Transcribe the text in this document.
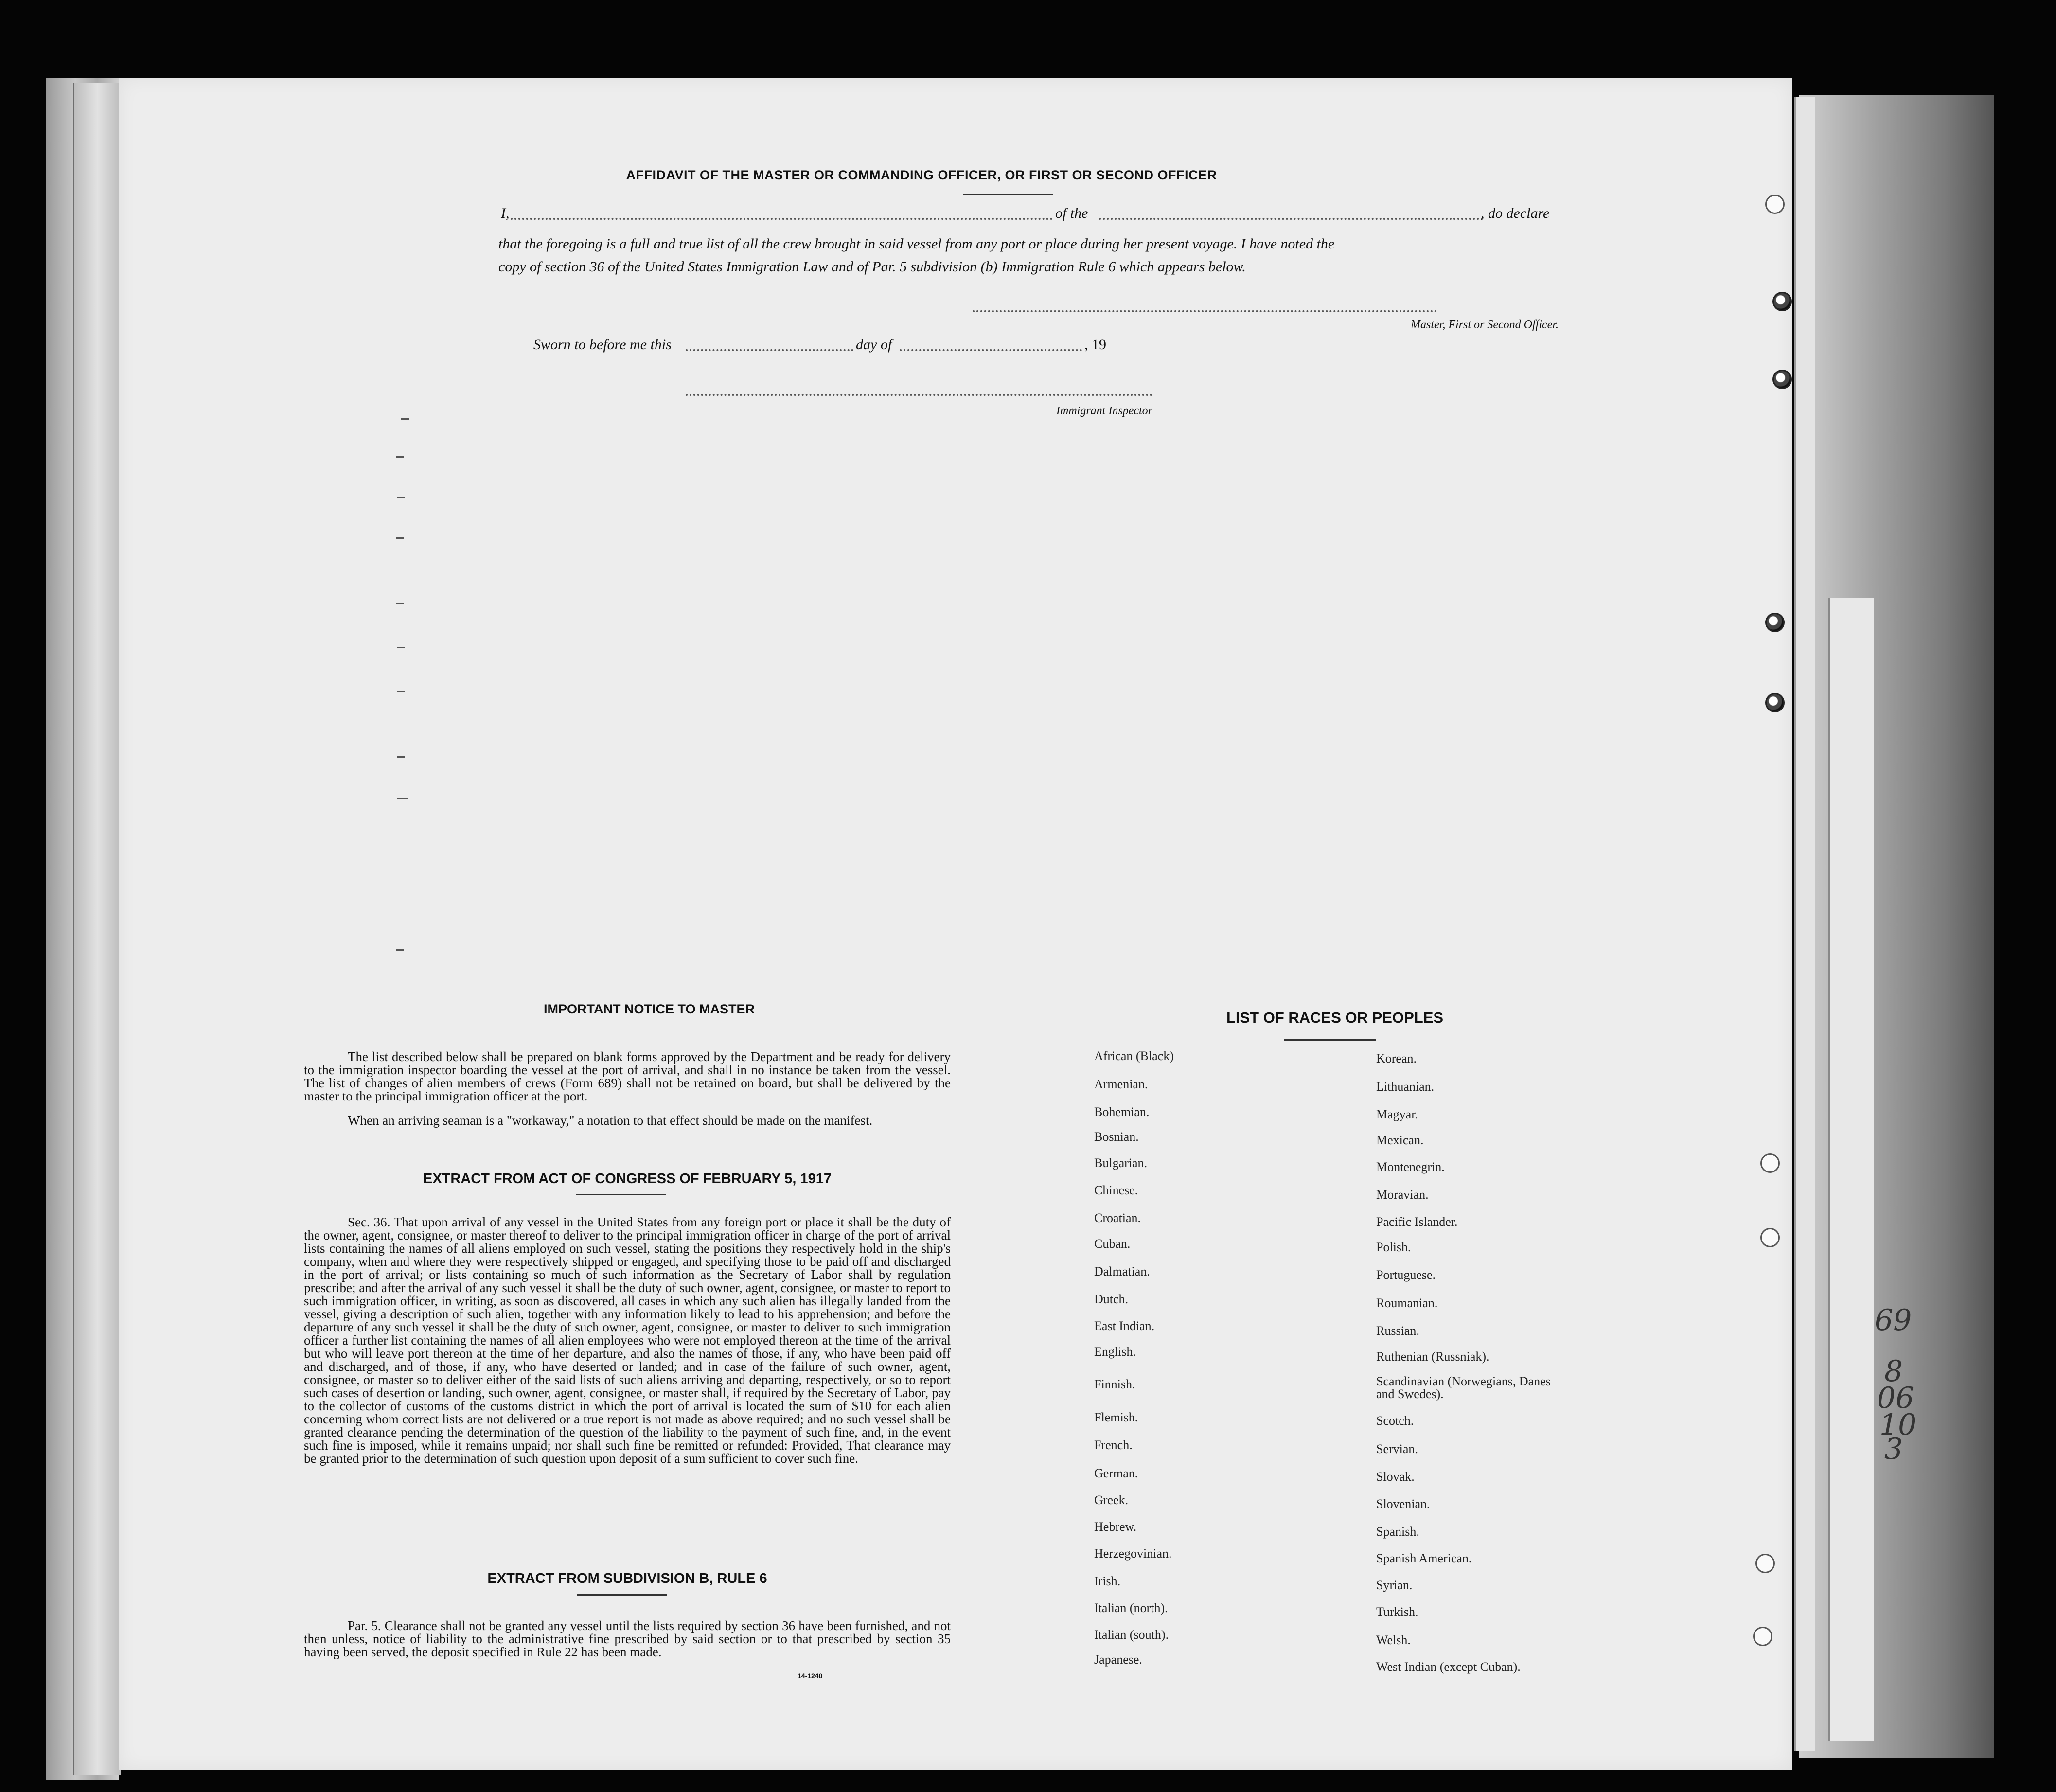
AFFIDAVIT OF THE MASTER OR COMMANDING OFFICER, OR FIRST OR SECOND OFFICER
I,	of the	, do declare
that the foregoing is a full and true list of all the crew brought in said vessel from any port or place during her present voyage. I have noted the
copy of section 36 of the United States Immigration Law and of Par. 5 subdivision (b) Immigration Rule 6 which appears below.
Master, First or Second Officer.
Sworn to before me this	day of	, 19
Immigrant Inspector
IMPORTANT NOTICE TO MASTER
The list described below shall be prepared on blank forms approved by the Department and be ready for delivery to the immigration inspector boarding the vessel at the port of arrival, and shall in no instance be taken from the vessel. The list of changes of alien members of crews (Form 689) shall not be retained on board, but shall be delivered by the master to the principal immigration officer at the port.
When an arriving seaman is a "workaway," a notation to that effect should be made on the manifest.
EXTRACT FROM ACT OF CONGRESS OF FEBRUARY 5, 1917
Sec. 36. That upon arrival of any vessel in the United States from any foreign port or place it shall be the duty of the owner, agent, consignee, or master thereof to deliver to the principal immigration officer in charge of the port of arrival lists containing the names of all aliens employed on such vessel, stating the positions they respectively hold in the ship's company, when and where they were respectively shipped or engaged, and specifying those to be paid off and discharged in the port of arrival; or lists containing so much of such information as the Secretary of Labor shall by regulation prescribe; and after the arrival of any such vessel it shall be the duty of such owner, agent, consignee, or master to report to such immigration officer, in writing, as soon as discovered, all cases in which any such alien has illegally landed from the vessel, giving a description of such alien, together with any information likely to lead to his apprehension; and before the departure of any such vessel it shall be the duty of such owner, agent, consignee, or master to deliver to such immigration officer a further list containing the names of all alien employees who were not employed thereon at the time of the arrival but who will leave port thereon at the time of her departure, and also the names of those, if any, who have been paid off and discharged, and of those, if any, who have deserted or landed; and in case of the failure of such owner, agent, consignee, or master so to deliver either of the said lists of such aliens arriving and departing, respectively, or so to report such cases of desertion or landing, such owner, agent, consignee, or master shall, if required by the Secretary of Labor, pay to the collector of customs of the customs district in which the port of arrival is located the sum of $10 for each alien concerning whom correct lists are not delivered or a true report is not made as above required; and no such vessel shall be granted clearance pending the determination of the question of the liability to the payment of such fine, and, in the event such fine is imposed, while it remains unpaid; nor shall such fine be remitted or refunded: Provided, That clearance may be granted prior to the determination of such question upon deposit of a sum sufficient to cover such fine.
EXTRACT FROM SUBDIVISION B, RULE 6
Par. 5. Clearance shall not be granted any vessel until the lists required by section 36 have been furnished, and not then unless, notice of liability to the administrative fine prescribed by said section or to that prescribed by section 35 having been served, the deposit specified in Rule 22 has been made.
14-1240
LIST OF RACES OR PEOPLES
African (Black)
Armenian.
Bohemian.
Bosnian.
Bulgarian.
Chinese.
Croatian.
Cuban.
Dalmatian.
Dutch.
East Indian.
English.
Finnish.
Flemish.
French.
German.
Greek.
Hebrew.
Herzegovinian.
Irish.
Italian (north).
Italian (south).
Japanese.
Korean.
Lithuanian.
Magyar.
Mexican.
Montenegrin.
Moravian.
Pacific Islander.
Polish.
Portuguese.
Roumanian.
Russian.
Ruthenian (Russniak).
Scandinavian (Norwegians, Danes and Swedes).
Scotch.
Servian.
Slovak.
Slovenian.
Spanish.
Spanish American.
Syrian.
Turkish.
Welsh.
West Indian (except Cuban).
69
8
06
10
3
